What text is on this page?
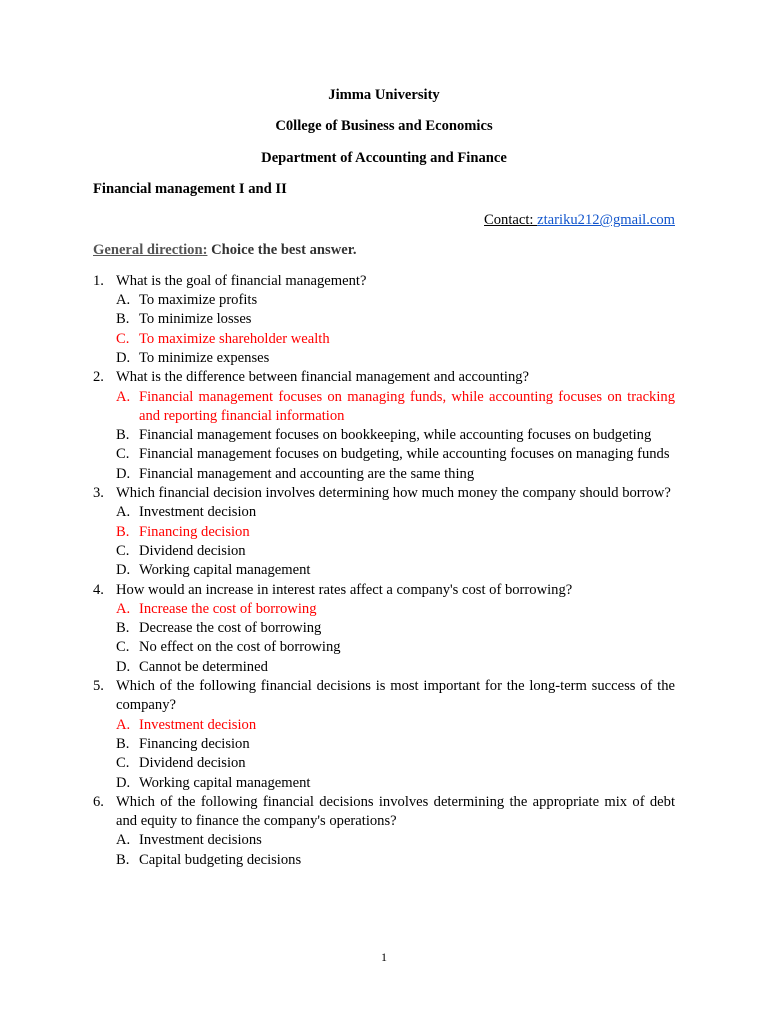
Jimma University
C0llege of Business and Economics
Department of Accounting and Finance
Financial management I and II
Contact: ztariku212@gmail.com
General direction: Choice the best answer.
1. What is the goal of financial management?
A. To maximize profits
B. To minimize losses
C. To maximize shareholder wealth
D. To minimize expenses
2. What is the difference between financial management and accounting?
A. Financial management focuses on managing funds, while accounting focuses on tracking and reporting financial information
B. Financial management focuses on bookkeeping, while accounting focuses on budgeting
C. Financial management focuses on budgeting, while accounting focuses on managing funds
D. Financial management and accounting are the same thing
3. Which financial decision involves determining how much money the company should borrow?
A. Investment decision
B. Financing decision
C. Dividend decision
D. Working capital management
4. How would an increase in interest rates affect a company's cost of borrowing?
A. Increase the cost of borrowing
B. Decrease the cost of borrowing
C. No effect on the cost of borrowing
D. Cannot be determined
5. Which of the following financial decisions is most important for the long-term success of the company?
A. Investment decision
B. Financing decision
C. Dividend decision
D. Working capital management
6. Which of the following financial decisions involves determining the appropriate mix of debt and equity to finance the company's operations?
A. Investment decisions
B. Capital budgeting decisions
1
